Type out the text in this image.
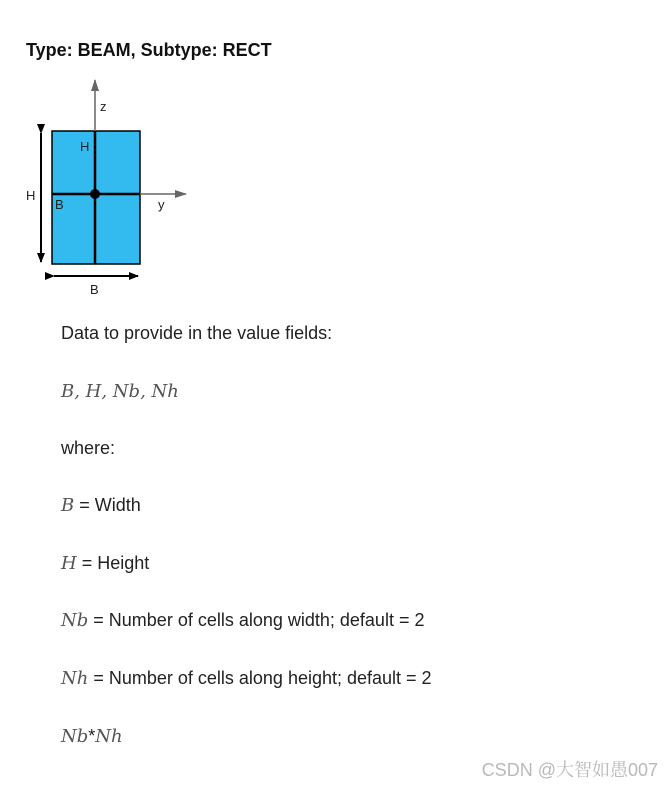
Type: BEAM, Subtype: RECT
z
y
H
B
H
B
Data to provide in the value fields:
B, H, Nb, Nh
where:
B = Width
H = Height
Nb = Number of cells along width; default = 2
Nh = Number of cells along height; default = 2
Nb*Nh
CSDN @大智如愚007
